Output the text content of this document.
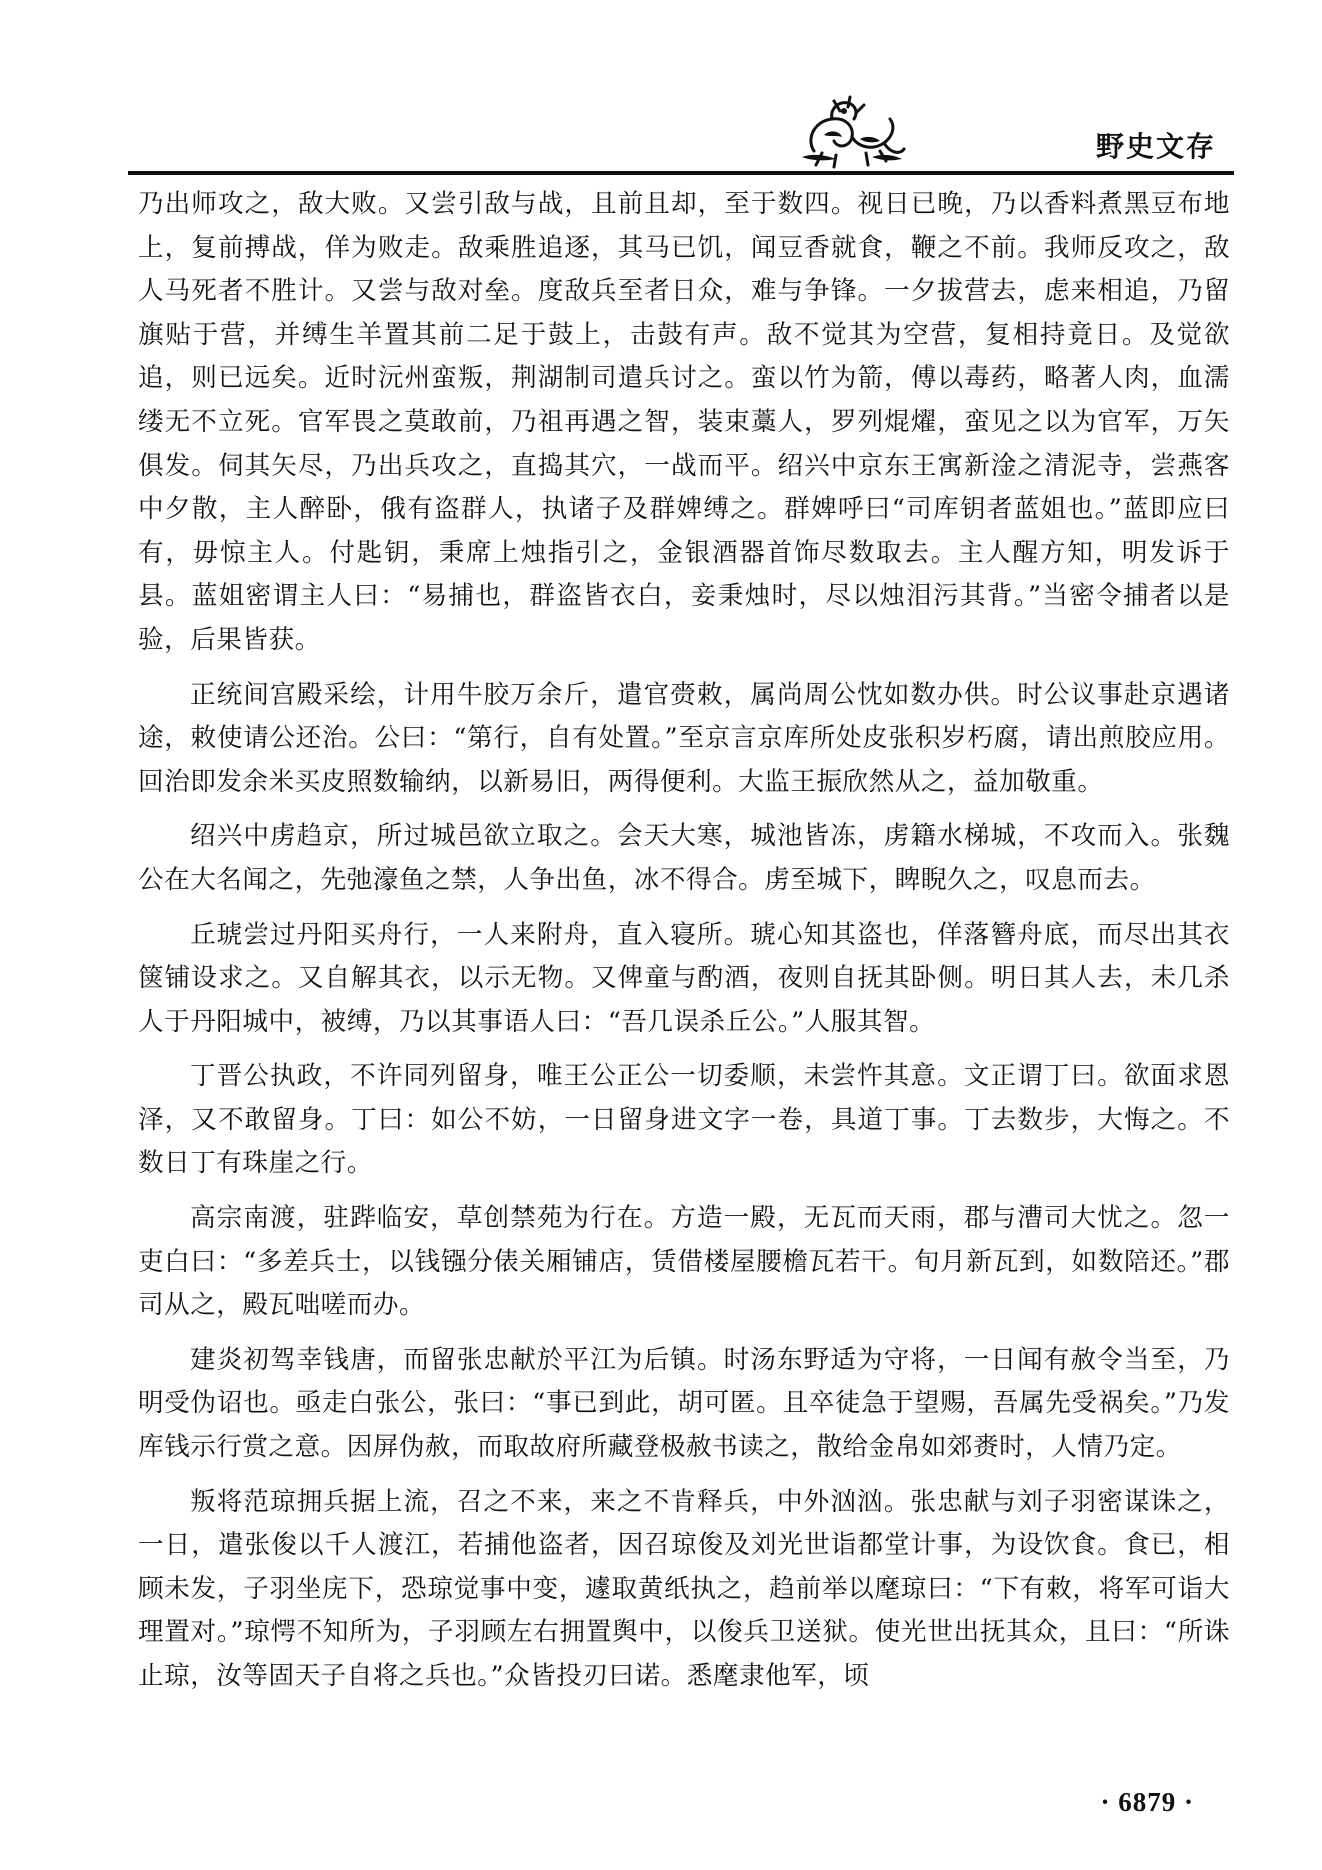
野史文存

乃出师攻之，敌大败。又尝引敌与战，且前且却，至于数四。视日已晚，乃以香料煮黑豆布地上，复前搏战，佯为败走。敌乘胜追逐，其马已饥，闻豆香就食，鞭之不前。我师反攻之，敌人马死者不胜计。又尝与敌对垒。度敌兵至者日众，难与争锋。一夕拔营去，虑来相追，乃留旗贴于营，并缚生羊置其前二足于鼓上，击鼓有声。敌不觉其为空营，复相持竟日。及觉欲追，则已远矣。近时沅州蛮叛，荆湖制司遣兵讨之。蛮以竹为箭，傅以毒药，略著人肉，血濡缕无不立死。官军畏之莫敢前，乃祖再遇之智，装束藁人，罗列焜燿，蛮见之以为官军，万矢俱发。伺其矢尽，乃出兵攻之，直捣其穴，一战而平。绍兴中京东王寓新淦之清泥寺，尝燕客中夕散，主人醉卧，俄有盗群人，执诸子及群婢缚之。群婢呼曰“司库钥者蓝姐也。”蓝即应曰有，毋惊主人。付匙钥，秉席上烛指引之，金银酒器首饰尽数取去。主人醒方知，明发诉于县。蓝姐密谓主人曰：“易捕也，群盗皆衣白，妾秉烛时，尽以烛泪污其背。”当密令捕者以是验，后果皆获。

正统间宫殿采绘，计用牛胶万余斤，遣官赍敕，属尚周公忱如数办供。时公议事赴京遇诸途，敕使请公还治。公曰：“第行，自有处置。”至京言京库所处皮张积岁朽腐，请出煎胶应用。回治即发余米买皮照数输纳，以新易旧，两得便利。大监王振欣然从之，益加敬重。

绍兴中虏趋京，所过城邑欲立取之。会天大寒，城池皆冻，虏籍水梯城，不攻而入。张魏公在大名闻之，先弛濠鱼之禁，人争出鱼，冰不得合。虏至城下，睥睨久之，叹息而去。

丘琥尝过丹阳买舟行，一人来附舟，直入寝所。琥心知其盗也，佯落簪舟底，而尽出其衣箧铺设求之。又自解其衣，以示无物。又俾童与酌酒，夜则自抚其卧侧。明日其人去，未几杀人于丹阳城中，被缚，乃以其事语人曰：“吾几误杀丘公。”人服其智。

丁晋公执政，不许同列留身，唯王公正公一切委顺，未尝忤其意。文正谓丁曰。欲面求恩泽，又不敢留身。丁曰：如公不妨，一日留身进文字一卷，具道丁事。丁去数步，大悔之。不数日丁有珠崖之行。

高宗南渡，驻跸临安，草创禁苑为行在。方造一殿，无瓦而天雨，郡与漕司大忧之。忽一吏白曰：“多差兵士，以钱镪分俵关厢铺店，赁借楼屋腰檐瓦若干。旬月新瓦到，如数陪还。”郡司从之，殿瓦咄嗟而办。

建炎初驾幸钱唐，而留张忠献於平江为后镇。时汤东野适为守将，一日闻有赦令当至，乃明受伪诏也。亟走白张公，张曰：“事已到此，胡可匿。且卒徒急于望赐，吾属先受祸矣。”乃发库钱示行赏之意。因屏伪赦，而取故府所藏登极赦书读之，散给金帛如郊赉时，人情乃定。

叛将范琼拥兵据上流，召之不来，来之不肯释兵，中外汹汹。张忠献与刘子羽密谋诛之，一日，遣张俊以千人渡江，若捕他盗者，因召琼俊及刘光世诣都堂计事，为设饮食。食已，相顾未发，子羽坐庑下，恐琼觉事中变，遽取黄纸执之，趋前举以麾琼曰：“下有敕，将军可诣大理置对。”琼愕不知所为，子羽顾左右拥置舆中，以俊兵卫送狱。使光世出抚其众，且曰：“所诛止琼，汝等固天子自将之兵也。”众皆投刃曰诺。悉麾隶他军，顷

· 6879 ·
